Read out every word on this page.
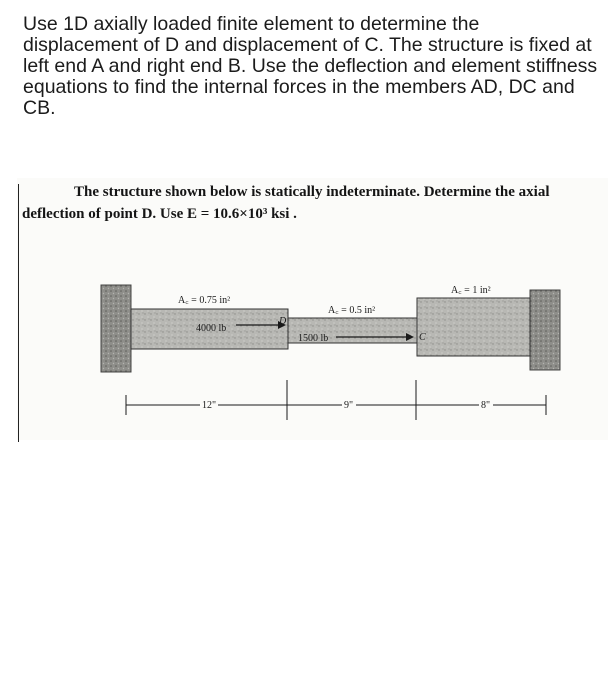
Use 1D axially loaded finite element to determine the displacement of D and displacement of C. The structure is fixed at left end A and right end B. Use the deflection and element stiffness equations to find the internal forces in the members AD, DC and CB.

The structure shown below is statically indeterminate. Determine the axial
deflection of point D. Use E = 10.6×10³ ksi .
A꜀ = 0.75 in²
A꜀ = 0.5 in²
A꜀ = 1 in²
4000 lb
1500 lb
D
C
12"	9"	8"
